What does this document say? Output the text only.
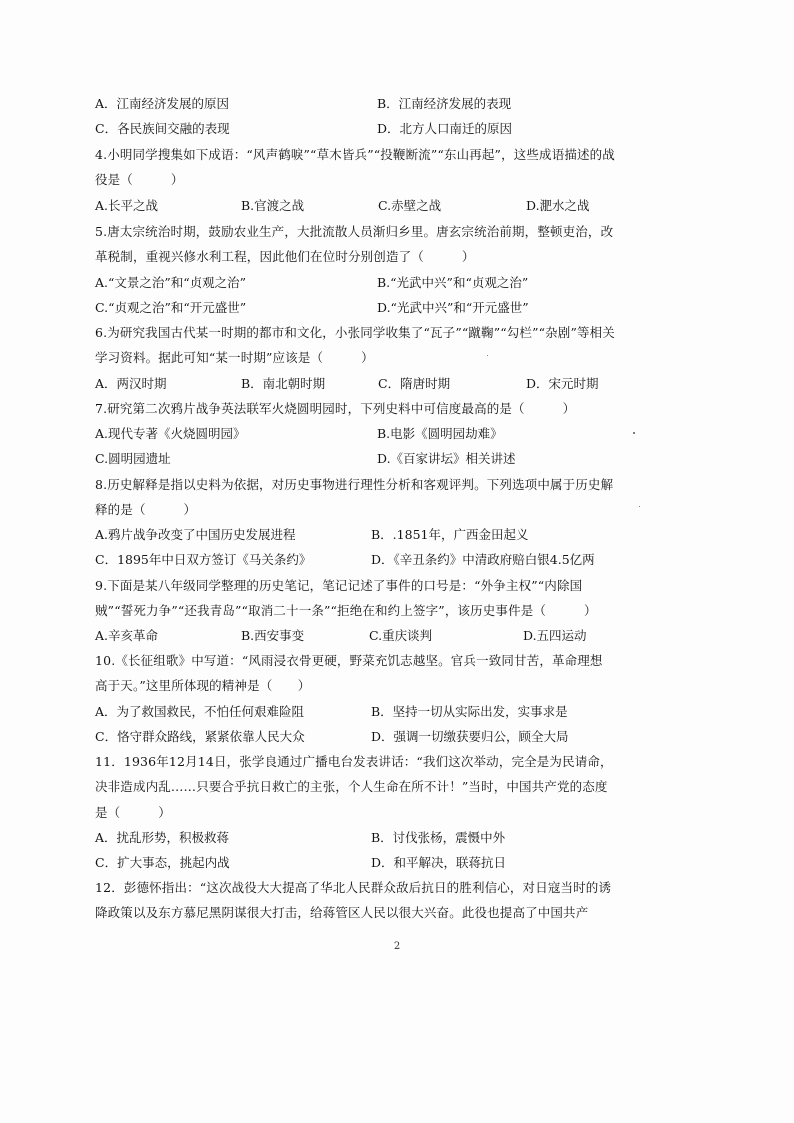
A．江南经济发展的原因	B．江南经济发展的表现
C．各民族间交融的表现	D．北方人口南迁的原因
4.小明同学搜集如下成语：“风声鹤唳”“草木皆兵”“投鞭断流”“东山再起”，这些成语描述的战役是（　　　）
A.长平之战	B.官渡之战	C.赤壁之战	D.淝水之战
5.唐太宗统治时期，鼓励农业生产，大批流散人员渐归乡里。唐玄宗统治前期，整顿吏治，改革税制，重视兴修水利工程，因此他们在位时分别创造了（　　　）
A.“文景之治”和“贞观之治”	B.“光武中兴”和“贞观之治”
C.“贞观之治”和“开元盛世”	D.“光武中兴”和“开元盛世”
6.为研究我国古代某一时期的都市和文化，小张同学收集了“瓦子”“蹴鞠”“勾栏”“杂剧”等相关学习资料。据此可知“某一时期”应该是（　　　）
A．两汉时期	B．南北朝时期	C．隋唐时期	D．宋元时期
7.研究第二次鸦片战争英法联军火烧圆明园时，下列史料中可信度最高的是（　　　）
A.现代专著《火烧圆明园》	B.电影《圆明园劫难》
C.圆明园遗址	D.《百家讲坛》相关讲述
8.历史解释是指以史料为依据，对历史事物进行理性分析和客观评判。下列选项中属于历史解释的是（　　　）
A.鸦片战争改变了中国历史发展进程	B．.1851年，广西金田起义
C．1895年中日双方签订《马关条约》	D．《辛丑条约》中清政府赔白银4.5亿两
9.下面是某八年级同学整理的历史笔记，笔记记述了事件的口号是：“外争主权”“内除国贼”“誓死力争”“还我青岛”“取消二十一条”“拒绝在和约上签字”，该历史事件是（　　　）
A.辛亥革命	B.西安事变	C.重庆谈判	D.五四运动
10.《长征组歌》中写道：“风雨浸衣骨更硬，野菜充饥志越坚。官兵一致同甘苦，革命理想高于天。”这里所体现的精神是（　　）
A．为了救国救民，不怕任何艰难险阻	B．坚持一切从实际出发，实事求是
C．恪守群众路线，紧紧依靠人民大众	D．强调一切缴获要归公，顾全大局
11．1936年12月14日，张学良通过广播电台发表讲话：“我们这次举动，完全是为民请命，决非造成内乱……只要合乎抗日救亡的主张，个人生命在所不计！”当时，中国共产党的态度是（　　　）
A．扰乱形势，积极救蒋	B．讨伐张杨，震慑中外
C．扩大事态，挑起内战	D．和平解决，联蒋抗日
12．彭德怀指出：“这次战役大大提高了华北人民群众敌后抗日的胜利信心，对日寇当时的诱降政策以及东方慕尼黑阴谋很大打击，给蒋管区人民以很大兴奋。此役也提高了中国共产
2
